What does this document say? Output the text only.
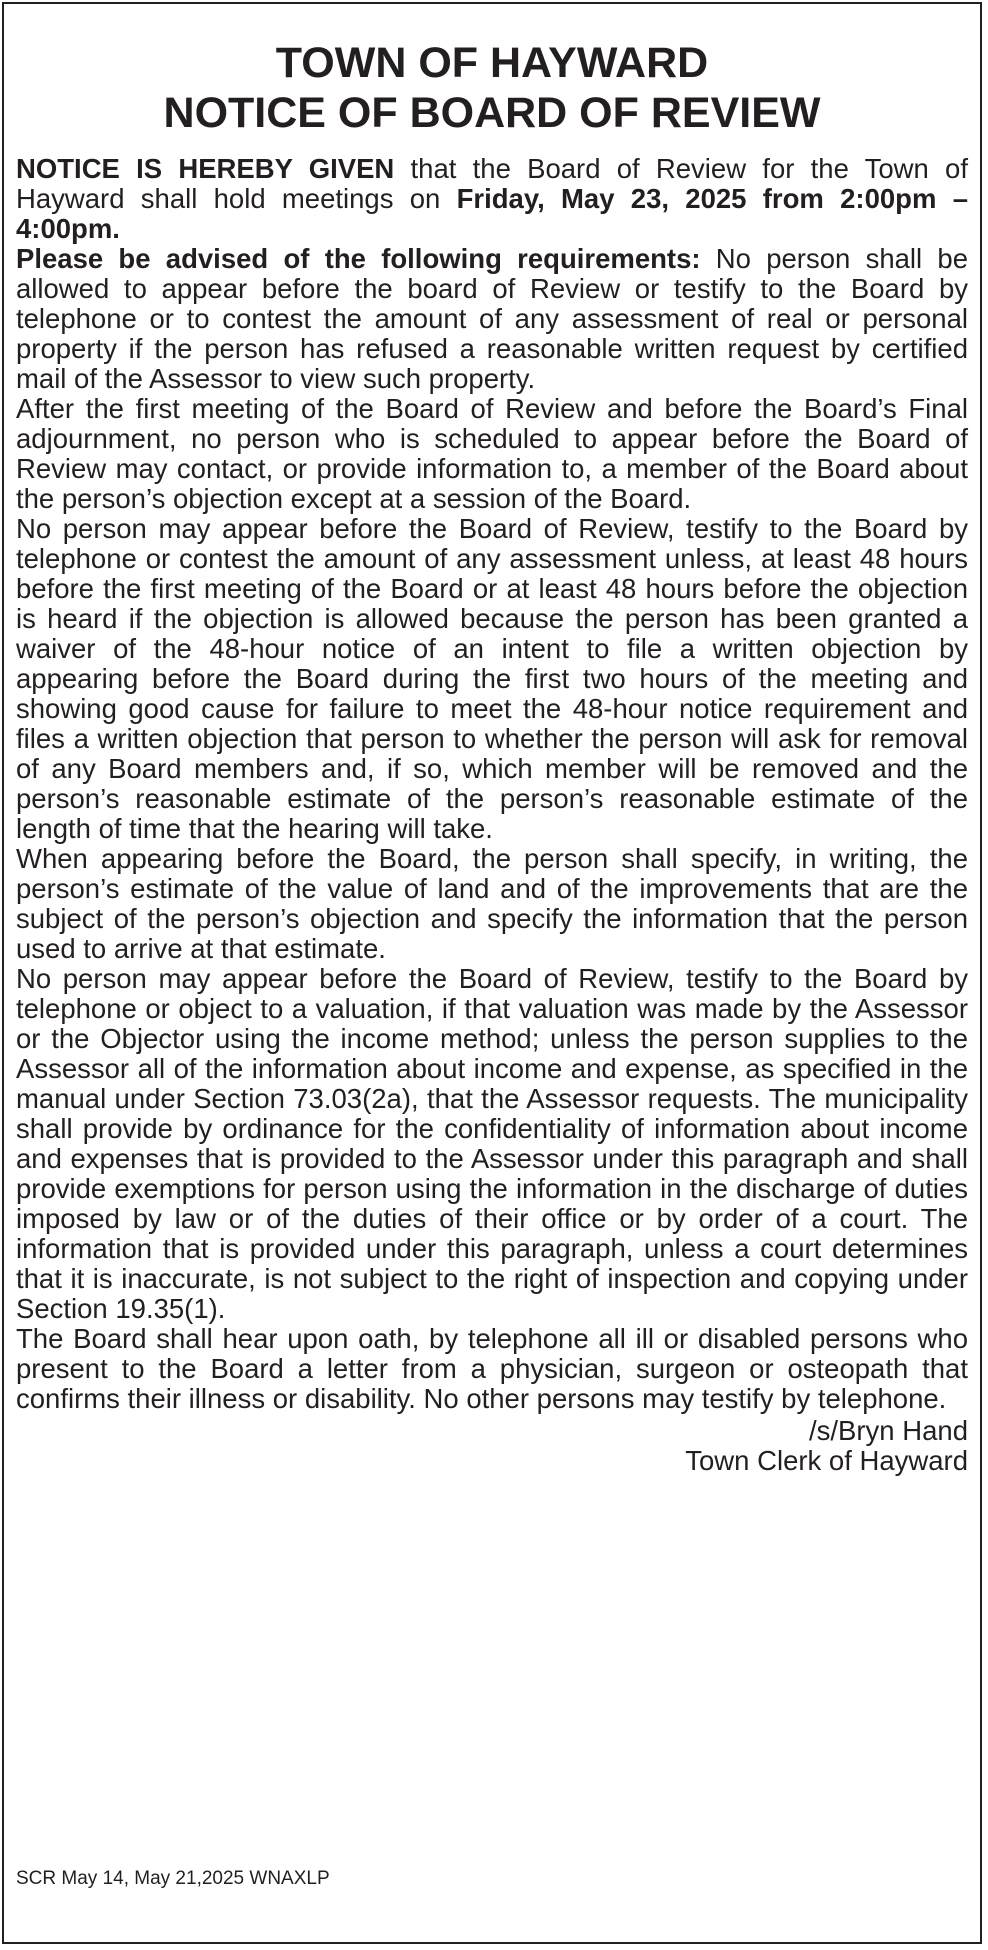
TOWN OF HAYWARD
NOTICE OF BOARD OF REVIEW

NOTICE IS HEREBY GIVEN that the Board of Review for the Town of Hayward shall hold meetings on Friday, May 23, 2025 from 2:00pm – 4:00pm.

Please be advised of the following requirements: No person shall be allowed to appear before the board of Review or testify to the Board by telephone or to contest the amount of any assessment of real or personal property if the person has refused a reasonable written request by certified mail of the Assessor to view such property.

After the first meeting of the Board of Review and before the Board’s Final adjournment, no person who is scheduled to appear before the Board of Review may contact, or provide information to, a member of the Board about the person’s objection except at a session of the Board.

No person may appear before the Board of Review, testify to the Board by telephone or contest the amount of any assessment unless, at least 48 hours before the first meeting of the Board or at least 48 hours before the objection is heard if the objection is allowed because the person has been granted a waiver of the 48-hour notice of an intent to file a written objection by appearing before the Board during the first two hours of the meeting and showing good cause for failure to meet the 48-hour notice requirement and files a written objection that person to whether the person will ask for removal of any Board members and, if so, which member will be removed and the person’s reasonable estimate of the person’s reasonable estimate of the length of time that the hearing will take.

When appearing before the Board, the person shall specify, in writing, the person’s estimate of the value of land and of the improvements that are the subject of the person’s objection and specify the information that the person used to arrive at that estimate.

No person may appear before the Board of Review, testify to the Board by telephone or object to a valuation, if that valuation was made by the Assessor or the Objector using the income method; unless the person supplies to the Assessor all of the information about income and expense, as specified in the manual under Section 73.03(2a), that the Assessor requests. The municipality shall provide by ordinance for the confidentiality of information about income and expenses that is provided to the Assessor under this paragraph and shall provide exemptions for person using the information in the discharge of duties imposed by law or of the duties of their office or by order of a court. The information that is provided under this paragraph, unless a court determines that it is inaccurate, is not subject to the right of inspection and copying under Section 19.35(1).

The Board shall hear upon oath, by telephone all ill or disabled persons who present to the Board a letter from a physician, surgeon or osteopath that confirms their illness or disability. No other persons may testify by telephone.

/s/Bryn Hand
Town Clerk of Hayward
SCR May 14, May 21,2025 WNAXLP
